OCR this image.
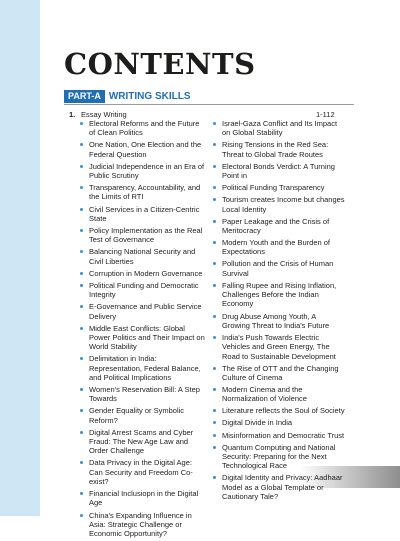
CONTENTS
PART-A WRITING SKILLS
1. Essay Writing	1-112
Electoral Reforms and the Future of Clean Politics
One Nation, One Election and the Federal Question
Judicial Independence in an Era of Public Scrutiny
Transparency, Accountability, and the Limits of RTI
Civil Services in a Citizen-Centric State
Policy Implementation as the Real Test of Governance
Balancing National Security and Civil Liberties
Corruption in Modern Governance
Political Funding and Democratic Integrity
E-Governance and Public Service Delivery
Middle East Conflicts: Global Power Politics and Their Impact on World Stability
Delimitation in India: Representation, Federal Balance, and Political Implications
Women's Reservation Bill: A Step Towards
Gender Equality or Symbolic Reform?
Digital Arrest Scams and Cyber Fraud: The New Age Law and Order Challenge
Data Privacy in the Digital Age: Can Security and Freedom Co-exist?
Financial Inclusiopn in the Digital Age
China's Expanding Influence in Asia: Strategic Challenge or Economic Opportunity?
Israel-Gaza Conflict and Its Impact on Global Stability
Rising Tensions in the Red Sea: Threat to Global Trade Routes
Electoral Bonds Verdict: A Turning Point in
Political Funding Transparency
Tourism creates Income but changes Local Identity
Paper Leakage and the Crisis of Meritocracy
Modern Youth and the Burden of Expectations
Pollution and the Crisis of Human Survival
Falling Rupee and Rising Inflation, Challenges Before the Indian Economy
Drug Abuse Among Youth, A Growing Threat to India's Future
India's Push Towards Electric Vehicles and Green Energy, The Road to Sustainable Development
The Rise of OTT and the Changing Culture of Cinema
Modern Cinema and the Normalization of Violence
Literature reflects the Soul of Society
Digital Divide in India
Misinformation and Democratic Trust
Quantum Computing and National Security: Preparing for the Next Technological Race
Digital Identity and Privacy: Aadhaar Model as a Global Template or Cautionary Tale?
